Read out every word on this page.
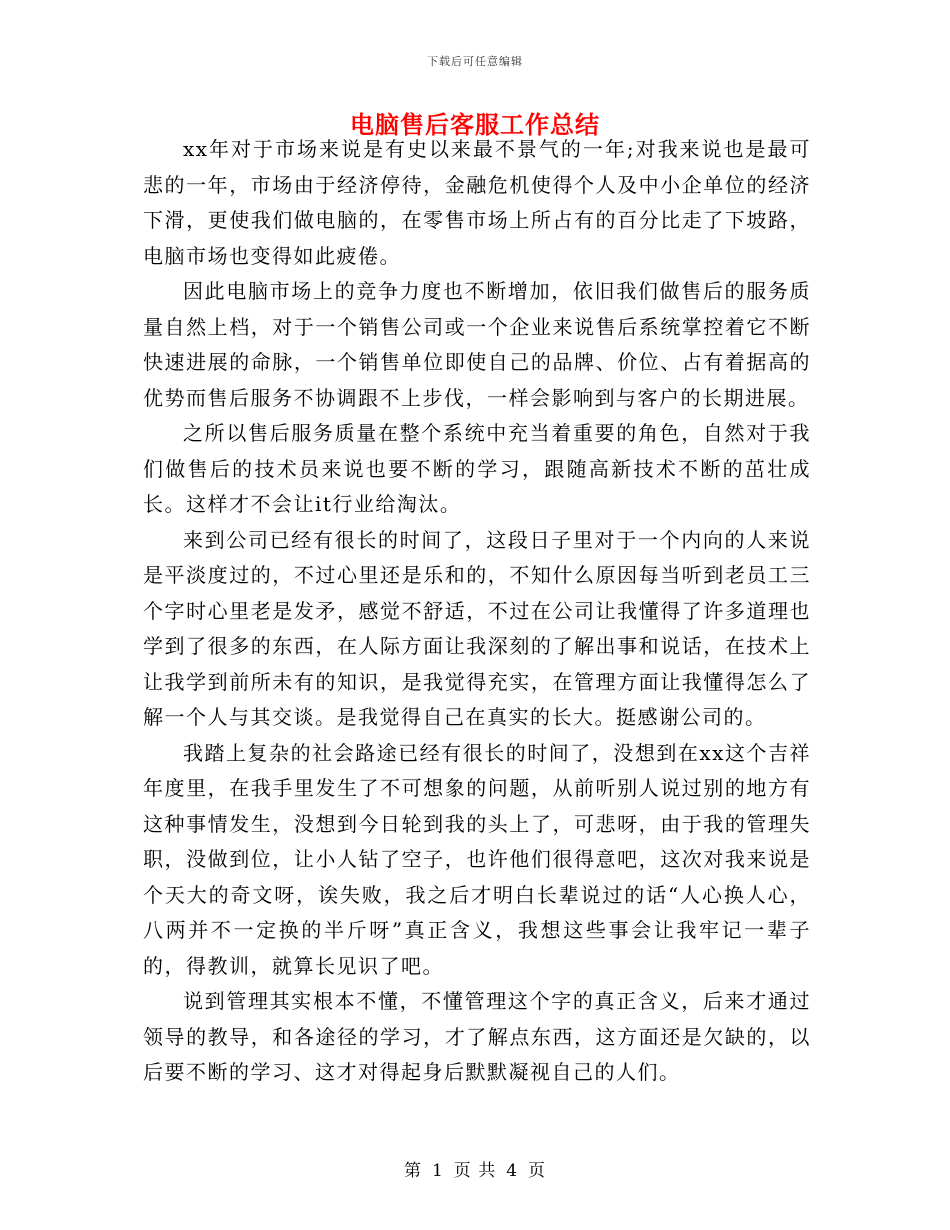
下载后可任意编辑
电脑售后客服工作总结

xx年对于市场来说是有史以来最不景气的一年;对我来说也是最可悲的一年，市场由于经济停待，金融危机使得个人及中小企单位的经济下滑，更使我们做电脑的，在零售市场上所占有的百分比走了下坡路，电脑市场也变得如此疲倦。

因此电脑市场上的竞争力度也不断增加，依旧我们做售后的服务质量自然上档，对于一个销售公司或一个企业来说售后系统掌控着它不断快速进展的命脉，一个销售单位即使自己的品牌、价位、占有着据高的优势而售后服务不协调跟不上步伐，一样会影响到与客户的长期进展。

之所以售后服务质量在整个系统中充当着重要的角色，自然对于我们做售后的技术员来说也要不断的学习，跟随高新技术不断的茁壮成长。这样才不会让it行业给淘汰。

来到公司已经有很长的时间了，这段日子里对于一个内向的人来说是平淡度过的，不过心里还是乐和的，不知什么原因每当听到老员工三个字时心里老是发矛，感觉不舒适，不过在公司让我懂得了许多道理也学到了很多的东西，在人际方面让我深刻的了解出事和说话，在技术上让我学到前所未有的知识，是我觉得充实，在管理方面让我懂得怎么了解一个人与其交谈。是我觉得自己在真实的长大。挺感谢公司的。

我踏上复杂的社会路途已经有很长的时间了，没想到在xx这个吉祥年度里，在我手里发生了不可想象的问题，从前听别人说过别的地方有这种事情发生，没想到今日轮到我的头上了，可悲呀，由于我的管理失职，没做到位，让小人钻了空子，也许他们很得意吧，这次对我来说是个天大的奇文呀，诶失败，我之后才明白长辈说过的话“人心换人心，八两并不一定换的半斤呀”真正含义，我想这些事会让我牢记一辈子的，得教训，就算长见识了吧。

说到管理其实根本不懂，不懂管理这个字的真正含义，后来才通过领导的教导，和各途径的学习，才了解点东西，这方面还是欠缺的，以后要不断的学习、这才对得起身后默默凝视自己的人们。

第 1 页 共 4 页
